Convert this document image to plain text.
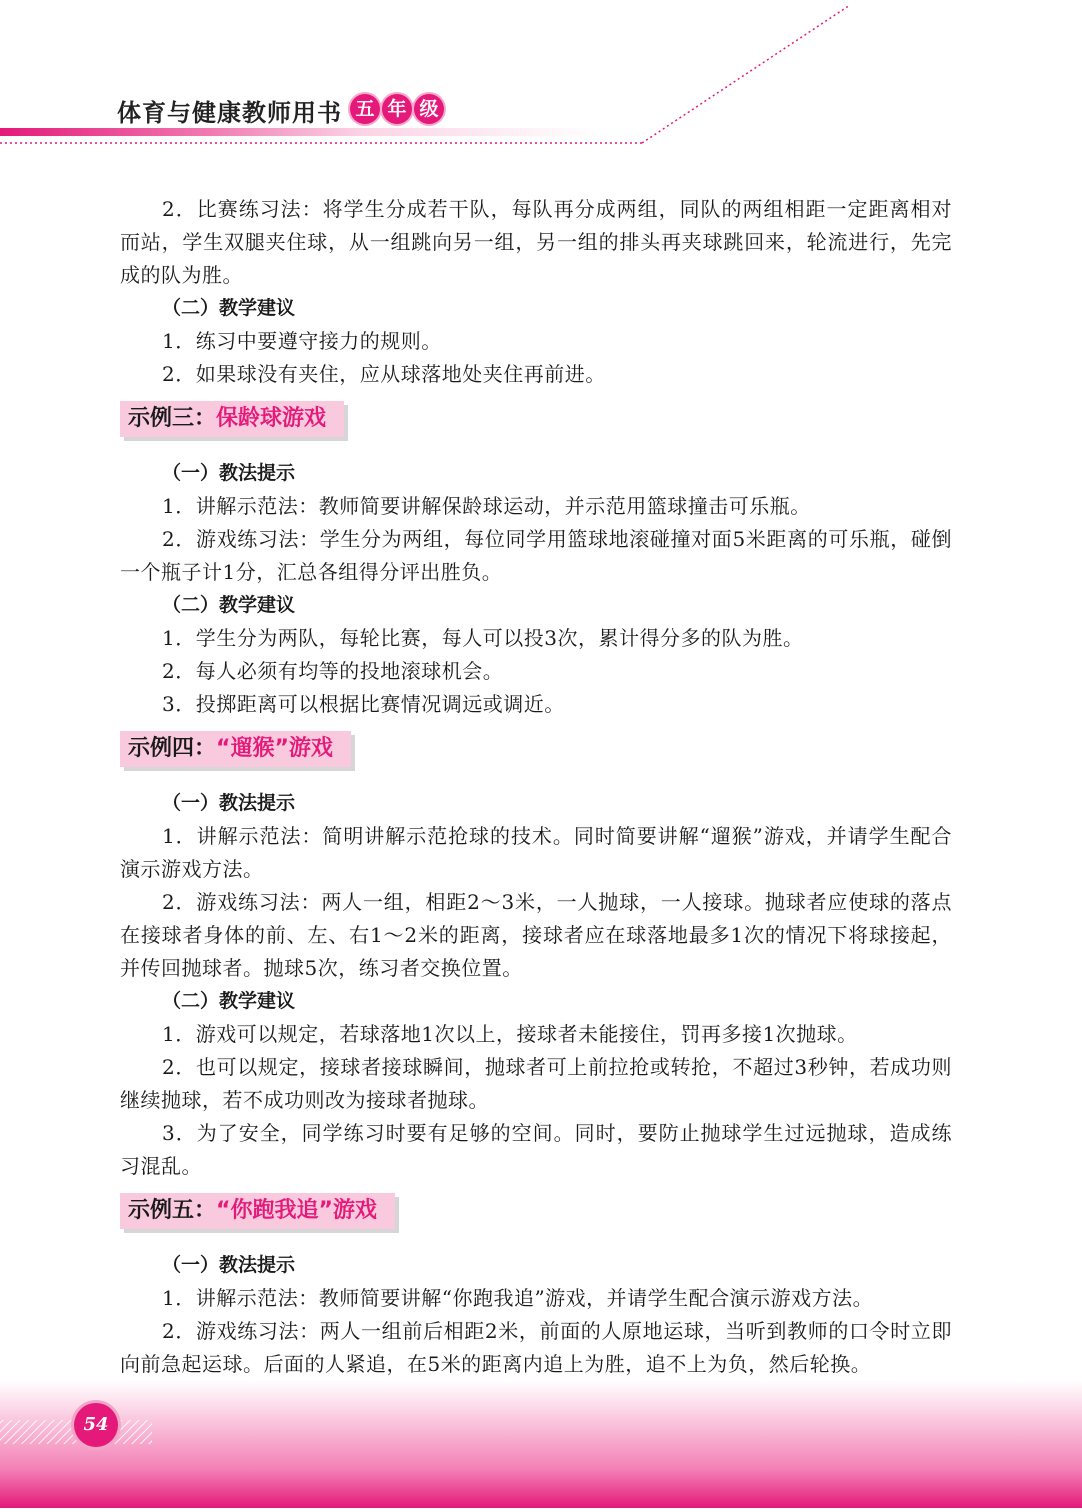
体育与健康教师用书 五 年 级

2．比赛练习法：将学生分成若干队，每队再分成两组，同队的两组相距一定距离相对而站，学生双腿夹住球，从一组跳向另一组，另一组的排头再夹球跳回来，轮流进行，先完成的队为胜。

（二）教学建议

1．练习中要遵守接力的规则。

2．如果球没有夹住，应从球落地处夹住再前进。

示例三：保龄球游戏
（一）教法提示

1．讲解示范法：教师简要讲解保龄球运动，并示范用篮球撞击可乐瓶。

2．游戏练习法：学生分为两组，每位同学用篮球地滚碰撞对面5米距离的可乐瓶，碰倒一个瓶子计1分，汇总各组得分评出胜负。

（二）教学建议

1．学生分为两队，每轮比赛，每人可以投3次，累计得分多的队为胜。

2．每人必须有均等的投地滚球机会。

3．投掷距离可以根据比赛情况调远或调近。

示例四：“遛猴”游戏
（一）教法提示

1．讲解示范法：简明讲解示范抢球的技术。同时简要讲解“遛猴”游戏，并请学生配合演示游戏方法。

2．游戏练习法：两人一组，相距2～3米，一人抛球，一人接球。抛球者应使球的落点在接球者身体的前、左、右1～2米的距离，接球者应在球落地最多1次的情况下将球接起，并传回抛球者。抛球5次，练习者交换位置。

（二）教学建议

1．游戏可以规定，若球落地1次以上，接球者未能接住，罚再多接1次抛球。

2．也可以规定，接球者接球瞬间，抛球者可上前拉抢或转抢，不超过3秒钟，若成功则继续抛球，若不成功则改为接球者抛球。

3．为了安全，同学练习时要有足够的空间。同时，要防止抛球学生过远抛球，造成练习混乱。

示例五：“你跑我追”游戏
（一）教法提示

1．讲解示范法：教师简要讲解“你跑我追”游戏，并请学生配合演示游戏方法。

2．游戏练习法：两人一组前后相距2米，前面的人原地运球，当听到教师的口令时立即向前急起运球。后面的人紧追，在5米的距离内追上为胜，追不上为负，然后轮换。

54
